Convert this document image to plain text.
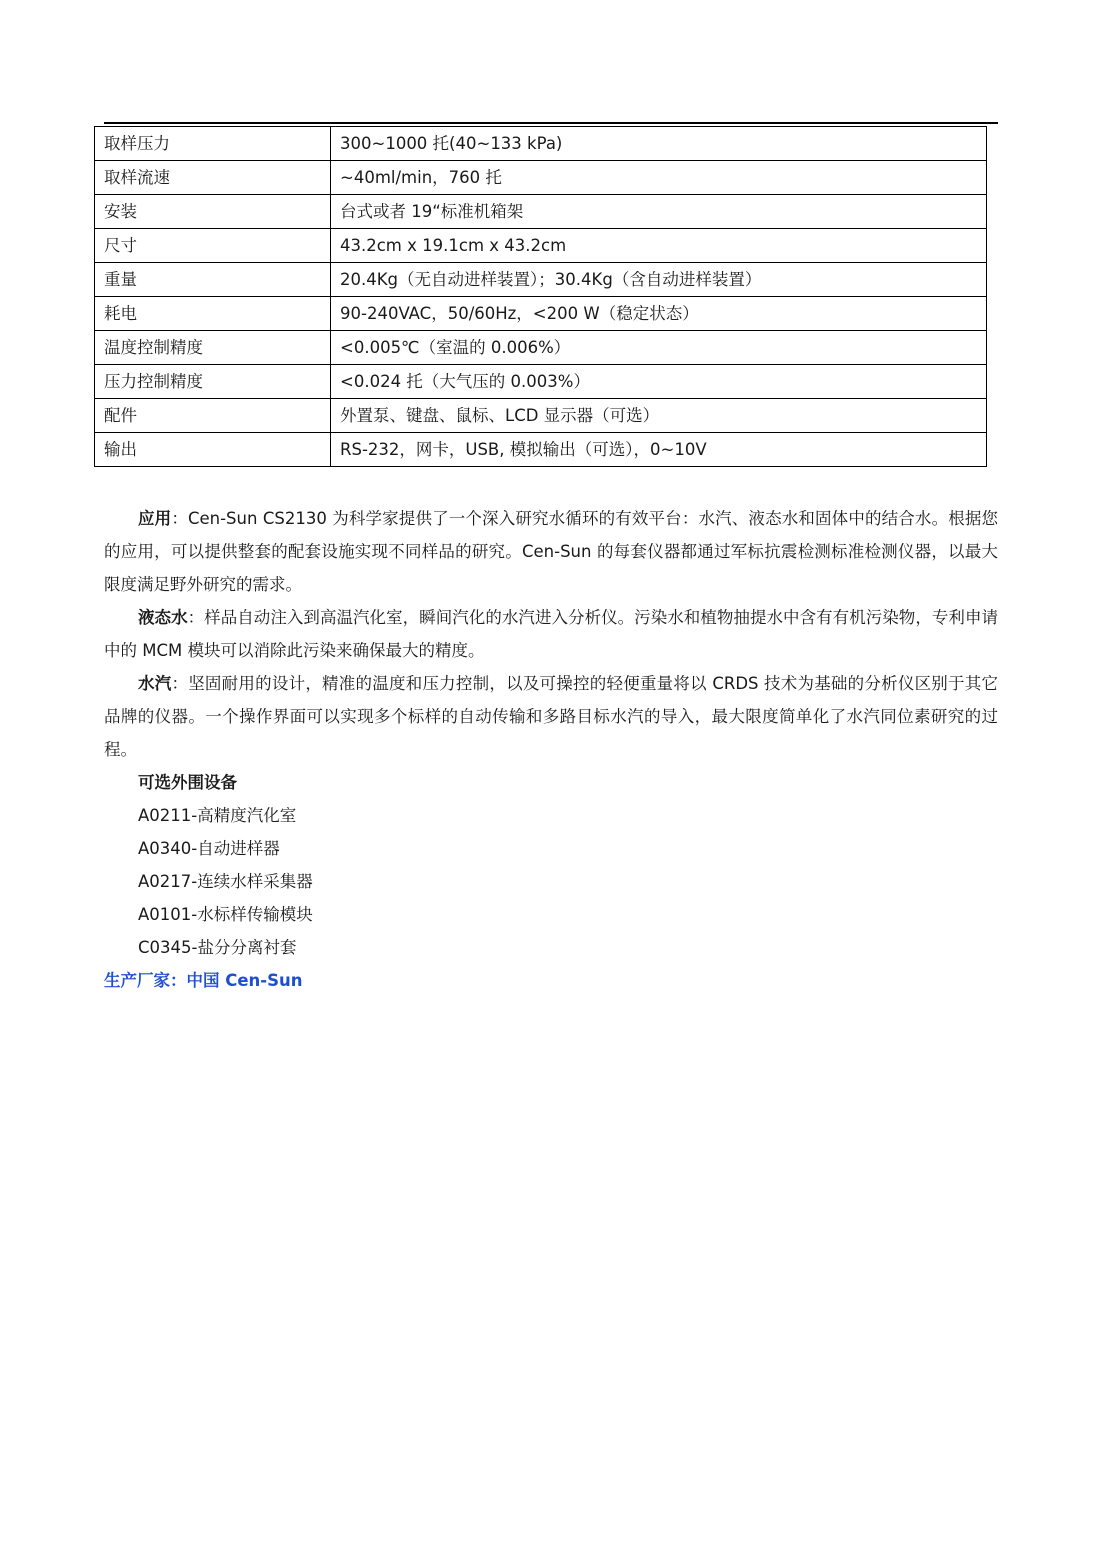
取样压力	300~1000 托(40~133 kPa)
取样流速	~40ml/min，760 托
安装	台式或者 19“标准机箱架
尺寸	43.2cm x 19.1cm x 43.2cm
重量	20.4Kg（无自动进样装置）；30.4Kg（含自动进样装置）
耗电	90-240VAC，50/60Hz，<200 W（稳定状态）
温度控制精度	<0.005℃（室温的 0.006%）
压力控制精度	<0.024 托（大气压的 0.003%）
配件	外置泵、键盘、鼠标、LCD 显示器（可选）
输出	RS-232，网卡，USB, 模拟输出（可选），0~10V

应用：Cen-Sun CS2130 为科学家提供了一个深入研究水循环的有效平台：水汽、液态水和固体中的结合水。根据您的应用，可以提供整套的配套设施实现不同样品的研究。Cen-Sun 的每套仪器都通过军标抗震检测标准检测仪器，以最大限度满足野外研究的需求。

液态水：样品自动注入到高温汽化室，瞬间汽化的水汽进入分析仪。污染水和植物抽提水中含有有机污染物，专利申请中的 MCM 模块可以消除此污染来确保最大的精度。

水汽：坚固耐用的设计，精准的温度和压力控制，以及可操控的轻便重量将以 CRDS 技术为基础的分析仪区别于其它品牌的仪器。一个操作界面可以实现多个标样的自动传输和多路目标水汽的导入，最大限度简单化了水汽同位素研究的过程。

可选外围设备
A0211-高精度汽化室
A0340-自动进样器
A0217-连续水样采集器
A0101-水标样传输模块
C0345-盐分分离衬套
生产厂家：中国 Cen-Sun
